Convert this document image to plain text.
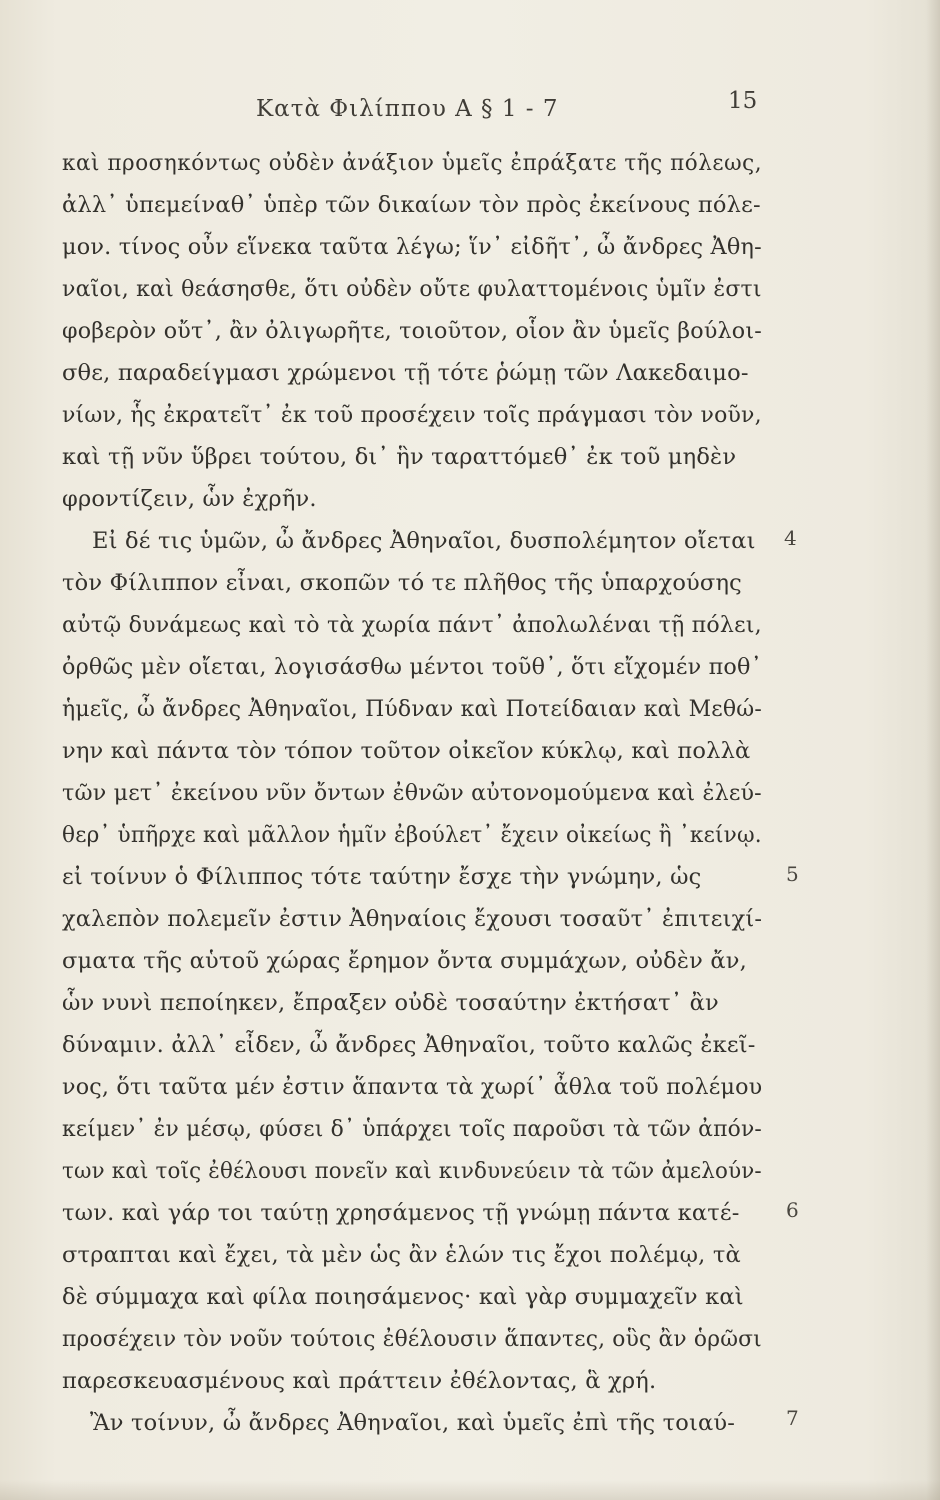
Κατὰ Φιλίππου Α § 1 - 7	15
καὶ προσηκόντως οὐδὲν ἀνάξιον ὑμεῖς ἐπράξατε τῆς πόλεως,
ἀλλ᾽ ὑπεμείναθ᾽ ὑπὲρ τῶν δικαίων τὸν πρὸς ἐκείνους πόλε-
μον. τίνος οὖν εἵνεκα ταῦτα λέγω; ἵν᾽ εἰδῆτ᾽, ὦ ἄνδρες Ἀθη-
ναῖοι, καὶ θεάσησθε, ὅτι οὐδὲν οὔτε φυλαττομένοις ὑμῖν ἐστι
φοβερὸν οὔτ᾽, ἂν ὀλιγωρῆτε, τοιοῦτον, οἷον ἂν ὑμεῖς βούλοι-
σθε, παραδείγμασι χρώμενοι τῇ τότε ῥώμῃ τῶν Λακεδαιμο-
νίων, ἧς ἐκρατεῖτ᾽ ἐκ τοῦ προσέχειν τοῖς πράγμασι τὸν νοῦν,
καὶ τῇ νῦν ὕβρει τούτου, δι᾽ ἣν ταραττόμεθ᾽ ἐκ τοῦ μηδὲν
φροντίζειν, ὧν ἐχρῆν.
Εἰ δέ τις ὑμῶν, ὦ ἄνδρες Ἀθηναῖοι, δυσπολέμητον οἴεται 4
τὸν Φίλιππον εἶναι, σκοπῶν τό τε πλῆθος τῆς ὑπαρχούσης
αὐτῷ δυνάμεως καὶ τὸ τὰ χωρία πάντ᾽ ἀπολωλέναι τῇ πόλει,
ὀρθῶς μὲν οἴεται, λογισάσθω μέντοι τοῦθ᾽, ὅτι εἴχομέν ποθ᾽
ἡμεῖς, ὦ ἄνδρες Ἀθηναῖοι, Πύδναν καὶ Ποτείδαιαν καὶ Μεθώ-
νην καὶ πάντα τὸν τόπον τοῦτον οἰκεῖον κύκλῳ, καὶ πολλὰ
τῶν μετ᾽ ἐκείνου νῦν ὄντων ἐθνῶν αὐτονομούμενα καὶ ἐλεύ-
θερ᾽ ὑπῆρχε καὶ μᾶλλον ἡμῖν ἐβούλετ᾽ ἔχειν οἰκείως ἢ ᾽κείνῳ.
εἰ τοίνυν ὁ Φίλιππος τότε ταύτην ἔσχε τὴν γνώμην, ὡς	5
χαλεπὸν πολεμεῖν ἐστιν Ἀθηναίοις ἔχουσι τοσαῦτ᾽ ἐπιτειχί-
σματα τῆς αὑτοῦ χώρας ἔρημον ὄντα συμμάχων, οὐδὲν ἄν,
ὧν νυνὶ πεποίηκεν, ἔπραξεν οὐδὲ τοσαύτην ἐκτήσατ᾽ ἂν
δύναμιν. ἀλλ᾽ εἶδεν, ὦ ἄνδρες Ἀθηναῖοι, τοῦτο καλῶς ἐκεῖ-
νος, ὅτι ταῦτα μέν ἐστιν ἅπαντα τὰ χωρί᾽ ἆθλα τοῦ πολέμου
κείμεν᾽ ἐν μέσῳ, φύσει δ᾽ ὑπάρχει τοῖς παροῦσι τὰ τῶν ἀπόν-
των καὶ τοῖς ἐθέλουσι πονεῖν καὶ κινδυνεύειν τὰ τῶν ἀμελούν-
των. καὶ γάρ τοι ταύτῃ χρησάμενος τῇ γνώμῃ πάντα κατέ- 6
στραπται καὶ ἔχει, τὰ μὲν ὡς ἂν ἑλών τις ἔχοι πολέμῳ, τὰ
δὲ σύμμαχα καὶ φίλα ποιησάμενος· καὶ γὰρ συμμαχεῖν καὶ
προσέχειν τὸν νοῦν τούτοις ἐθέλουσιν ἅπαντες, οὓς ἂν ὁρῶσι
παρεσκευασμένους καὶ πράττειν ἐθέλοντας, ἃ χρή.
Ἂν τοίνυν, ὦ ἄνδρες Ἀθηναῖοι, καὶ ὑμεῖς ἐπὶ τῆς τοιαύ-	7
